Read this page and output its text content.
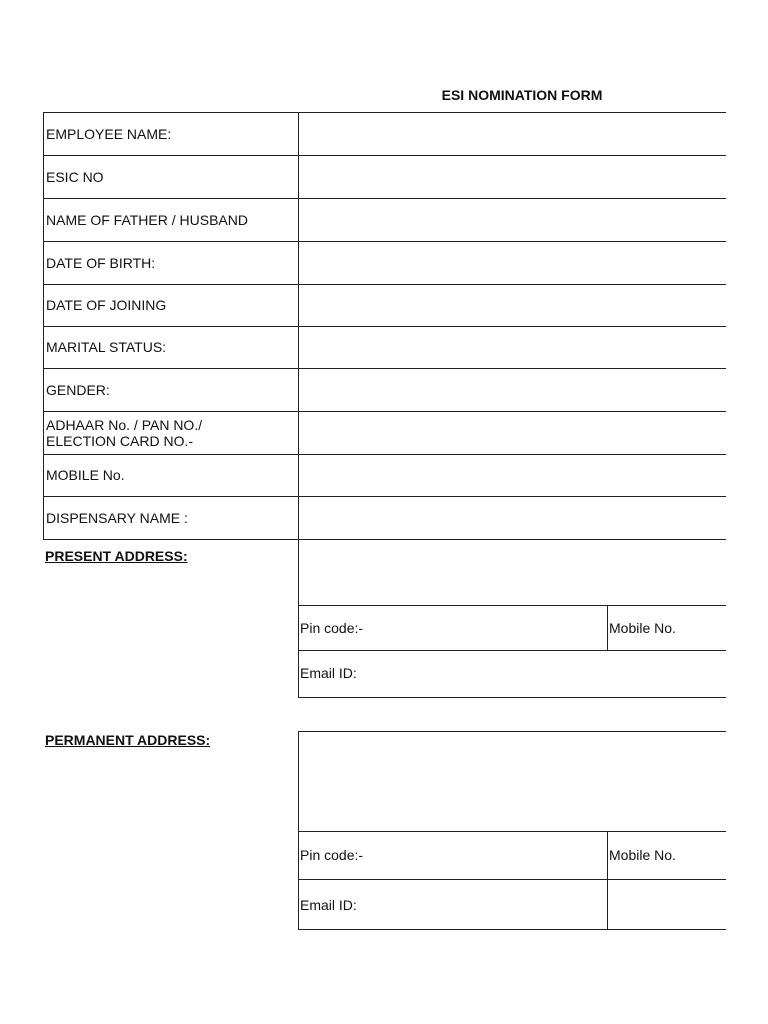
ESI NOMINATION FORM
EMPLOYEE NAME:
ESIC NO
NAME OF FATHER / HUSBAND
DATE OF BIRTH:
DATE OF JOINING
MARITAL STATUS:
GENDER:
ADHAAR No. / PAN NO./
ELECTION CARD NO.-
MOBILE No.
DISPENSARY NAME :
PRESENT ADDRESS:
Pin code:-	Mobile No.
Email ID:
PERMANENT ADDRESS:
Pin code:-	Mobile No.
Email ID:
